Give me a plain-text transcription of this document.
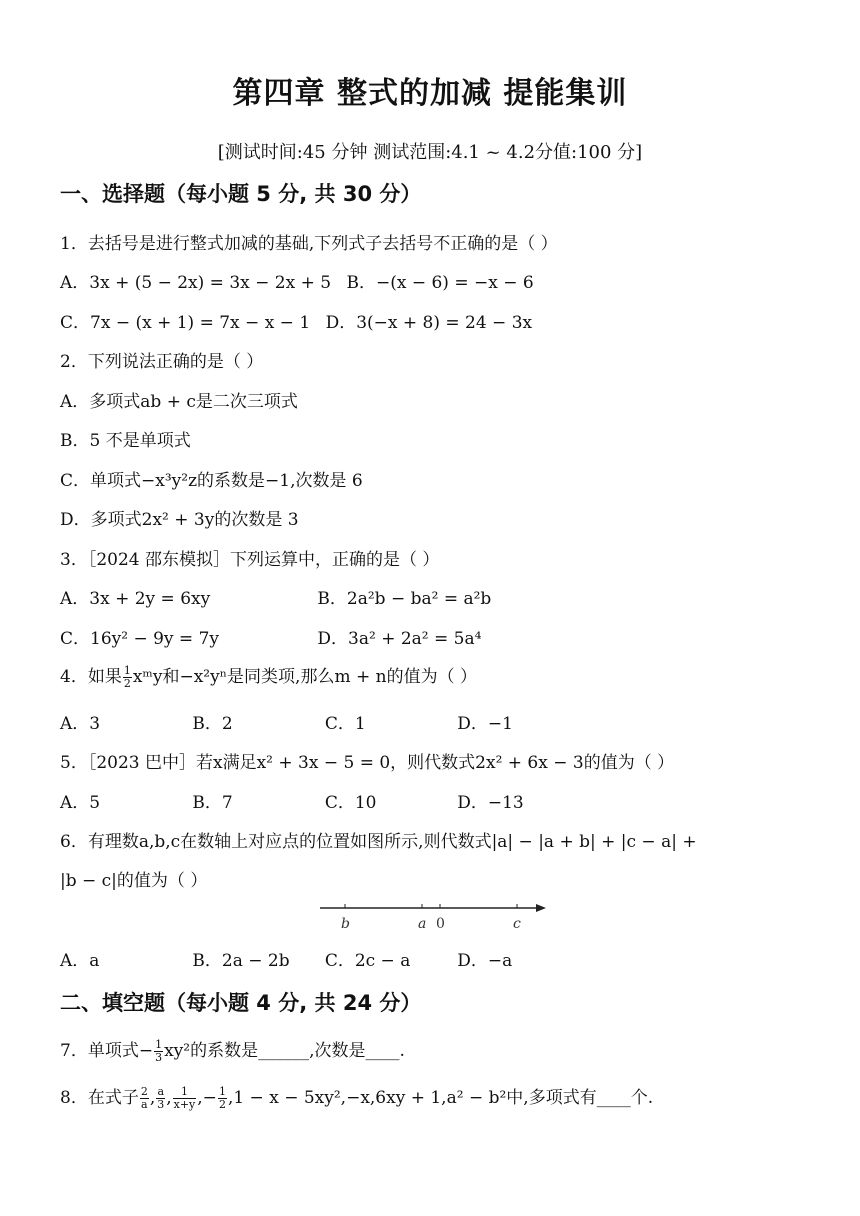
第四章 整式的加减 提能集训
[测试时间:45 分钟 测试范围:4.1 ~ 4.2分值:100 分]
一、选择题（每小题 5 分, 共 30 分）
1．去括号是进行整式加减的基础,下列式子去括号不正确的是（ ）
A．3x + (5 − 2x) = 3x − 2x + 5 B．−(x − 6) = −x − 6
C．7x − (x + 1) = 7x − x − 1 D．3(−x + 8) = 24 − 3x
2．下列说法正确的是（ ）
A．多项式ab + c是二次三项式
B．5 不是单项式
C．单项式−x³y²z的系数是−1,次数是 6
D．多项式2x² + 3y的次数是 3
3．［2024 邵东模拟］下列运算中，正确的是（ ）
A．3x + 2y = 6xy	B．2a²b − ba² = a²b
C．16y² − 9y = 7y	D．3a² + 2a² = 5a⁴
4．如果 $\frac{1}{2}$ xᵐy和−x²yⁿ是同类项,那么m + n的值为（ ）
A．3	B．2	C．1	D．−1
5．［2023 巴中］若x满足x² + 3x − 5 = 0，则代数式2x² + 6x − 3的值为（ ）
A．5	B．7	C．10	D．−13
6．有理数a,b,c在数轴上对应点的位置如图所示,则代数式|a| − |a + b| + |c − a| +
|b − c|的值为（ ）
b	a 0	c
A．a	B．2a − 2b C．2c − a	D．−a
二、填空题（每小题 4 分, 共 24 分）
7．单项式− $\frac{1}{3} xy^2$的系数是______,次数是____.
8．在式子 $\frac{2}{a}$ , $\frac{a}{3}$ , $\frac{1}{x+y}$ ,− $\frac{1}{2} ,1 - x - 5xy^2,-x,6xy + 1,a^2 - b^2$中,多项式有____个.
